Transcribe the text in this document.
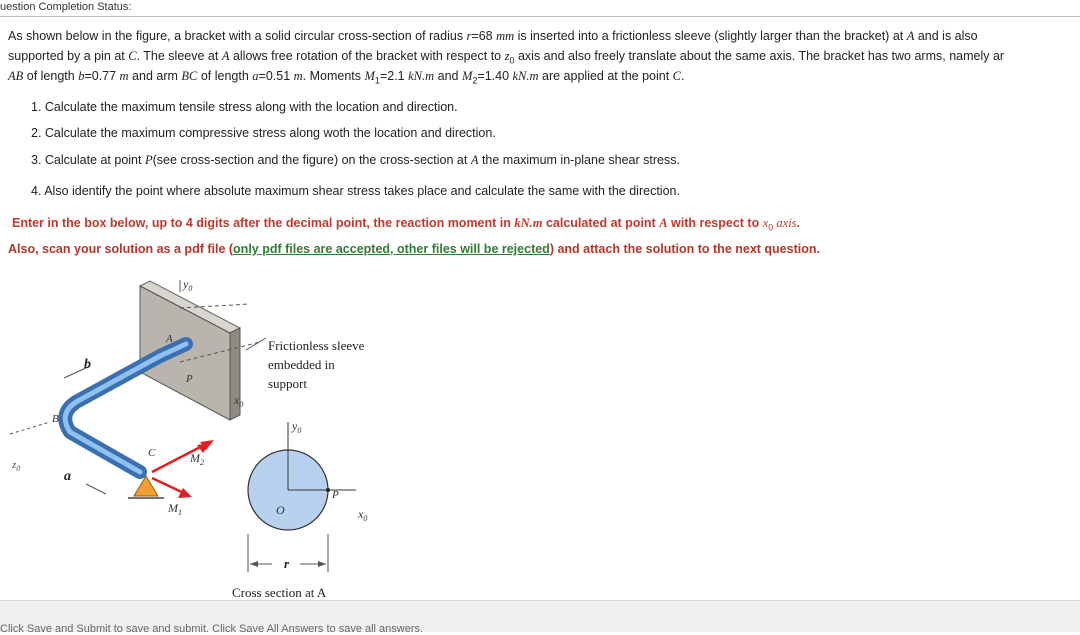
uestion Completion Status:
As shown below in the figure, a bracket with a solid circular cross-section of radius r=68 mm is inserted into a frictionless sleeve (slightly larger than the bracket) at A and is also
supported by a pin at C. The sleeve at A allows free rotation of the bracket with respect to $z_0$ axis and also freely translate about the same axis. The bracket has two arms, namely ar
AB of length b=0.77 m and arm BC of length a=0.51 m. Moments $M_1=2.1$ kN.m and $M_2=1.40$ kN.m are applied at the point C.
1. Calculate the maximum tensile stress along with the location and direction.
2. Calculate the maximum compressive stress along woth the location and direction.
3. Calculate at point P(see cross-section and the figure) on the cross-section at A the maximum in-plane shear stress.
4. Also identify the point where absolute maximum shear stress takes place and calculate the same with the direction.
Enter in the box below, up to 4 digits after the decimal point, the reaction moment in kN.m calculated at point A with respect to $x_0$ axis.
Also, scan your solution as a pdf file (only pdf files are accepted, other files will be rejected) and attach the solution to the next question.
$y_0$
A
P
$x_0$
b
B
$z_0$
a
C	$M_2$
$M_1$
Frictionless sleeve
embedded in
support
$y_0$
$x_0$
O
P
r
Cross section at A
Click Save and Submit to save and submit. Click Save All Answers to save all answers.
